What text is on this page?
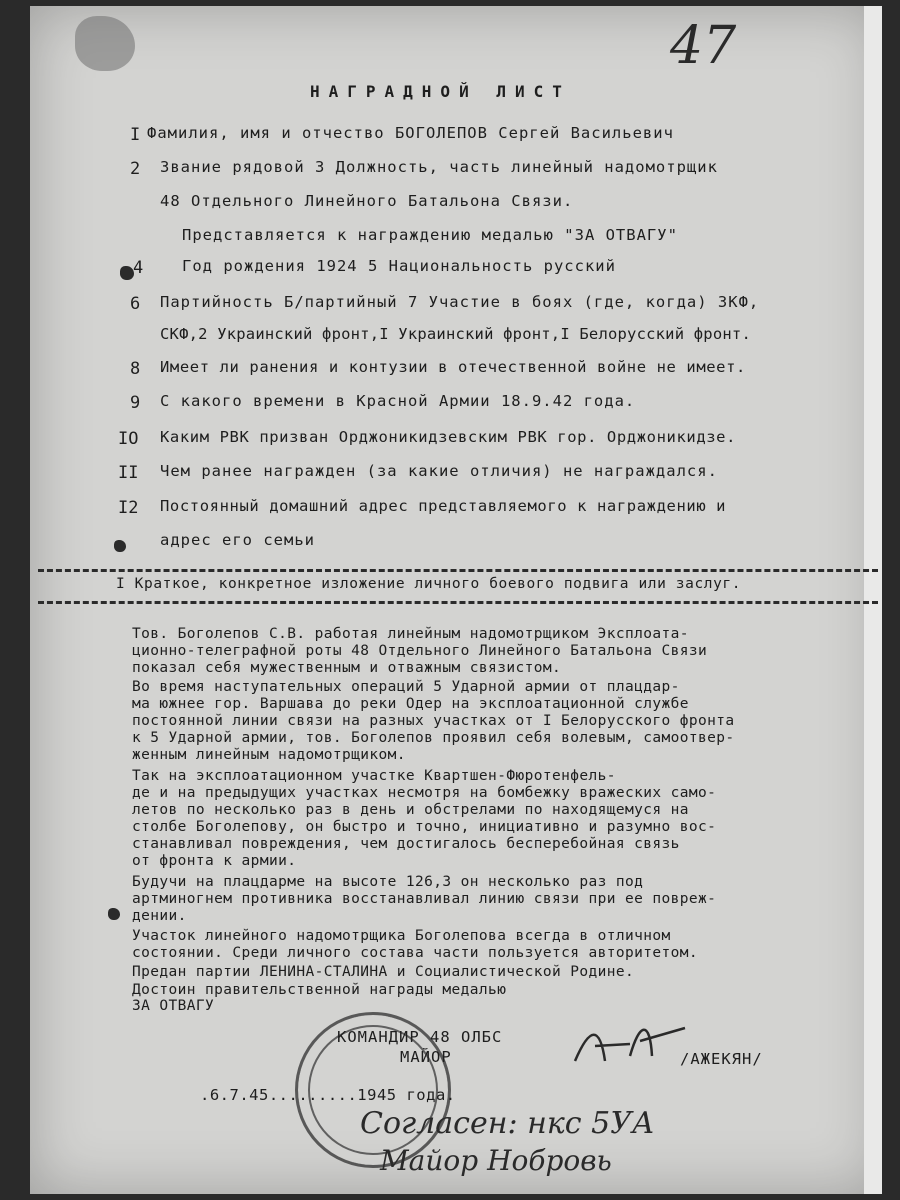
47
НАГРАДНОЙ ЛИСТ
I Фамилия, имя и отчество БОГОЛЕПОВ Сергей Васильевич
2 Звание рядовой 3 Должность, часть линейный надомотрщик
48 Отдельного Линейного Батальона Связи.
Представляется к награждению медалью "ЗА ОТВАГУ"
4	Год рождения 1924 5 Национальность русский
6 Партийность Б/партийный 7 Участие в боях (где, когда) ЗКФ,
СКФ,2 Украинский фронт,I Украинский фронт,I Белорусский фронт.
8 Имеет ли ранения и контузии в отечественной войне не имеет.
9 С какого времени в Красной Армии 18.9.42 года.
IO Каким РВК призван Орджоникидзевским РВК гор. Орджоникидзе.
II Чем ранее награжден (за какие отличия) не награждался.
I2 Постоянный домашний адрес представляемого к награждению и
адрес его семьи
I Краткое, конкретное изложение личного боевого подвига или заслуг.
Тов. Боголепов С.В. работая линейным надомотрщиком Эксплоата-
ционно-телеграфной роты 48 Отдельного Линейного Батальона Связи
показал себя мужественным и отважным связистом.
Во время наступательных операций 5 Ударной армии от плацдар-
ма южнее гор. Варшава до реки Одер на эксплоатационной службе
постоянной линии связи на разных участках от I Белорусского фронта
к 5 Ударной армии, тов. Боголепов проявил себя волевым, самоотвер-
женным линейным надомотрщиком.
Так на эксплоатационном участке Квартшен-Фюротенфель-
де и на предыдущих участках несмотря на бомбежку вражеских само-
летов по несколько раз в день и обстрелами по находящемуся на
столбе Боголепову, он быстро и точно, инициативно и разумно вос-
станавливал повреждения, чем достигалось бесперебойная связь
от фронта к армии.
Будучи на плацдарме на высоте 126,3 он несколько раз под
артминогнем противника восстанавливал линию связи при ее повреж-
дении.
Участок линейного надомотрщика Боголепова всегда в отличном
состоянии. Среди личного состава части пользуется авторитетом.
Предан партии ЛЕНИНА-СТАЛИНА и Социалистической Родине.
Достоин правительственной награды медалью
ЗА ОТВАГУ
КОМАНДИР 48 ОЛБС
МАЙОР	/АЖЕКЯН/
.6.7.45.........1945 года.
Согласен: нкс 5УА
Майор Нобровь
